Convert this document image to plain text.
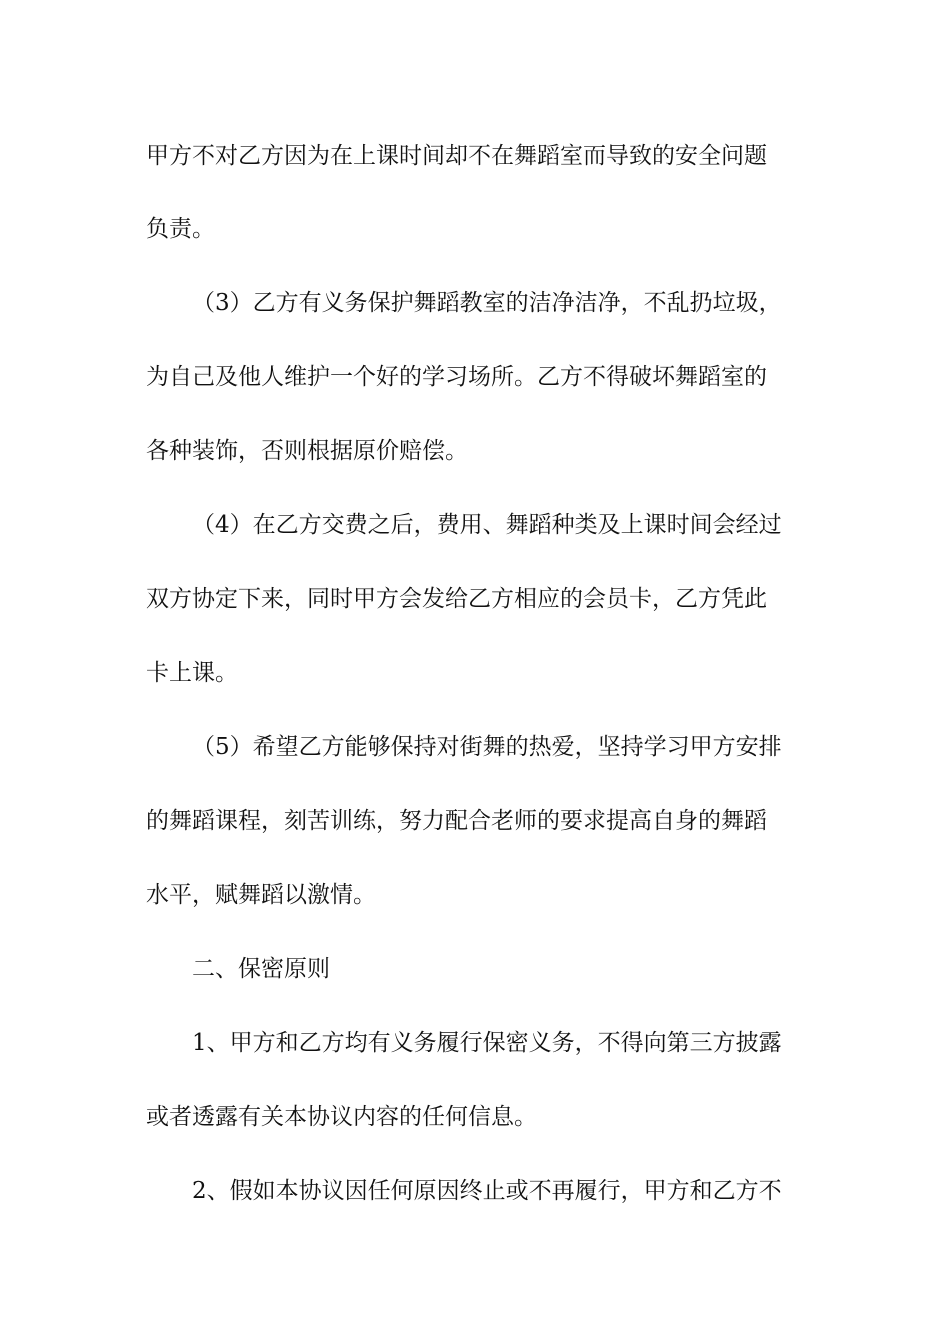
甲方不对乙方因为在上课时间却不在舞蹈室而导致的安全问题
负责。
（3）乙方有义务保护舞蹈教室的洁净洁净，不乱扔垃圾，
为自己及他人维护一个好的学习场所。乙方不得破坏舞蹈室的
各种装饰，否则根据原价赔偿。
（4）在乙方交费之后，费用、舞蹈种类及上课时间会经过
双方协定下来，同时甲方会发给乙方相应的会员卡，乙方凭此
卡上课。
（5）希望乙方能够保持对街舞的热爱，坚持学习甲方安排
的舞蹈课程，刻苦训练，努力配合老师的要求提高自身的舞蹈
水平，赋舞蹈以激情。
二、保密原则
1、甲方和乙方均有义务履行保密义务，不得向第三方披露
或者透露有关本协议内容的任何信息。
2、假如本协议因任何原因终止或不再履行，甲方和乙方不
